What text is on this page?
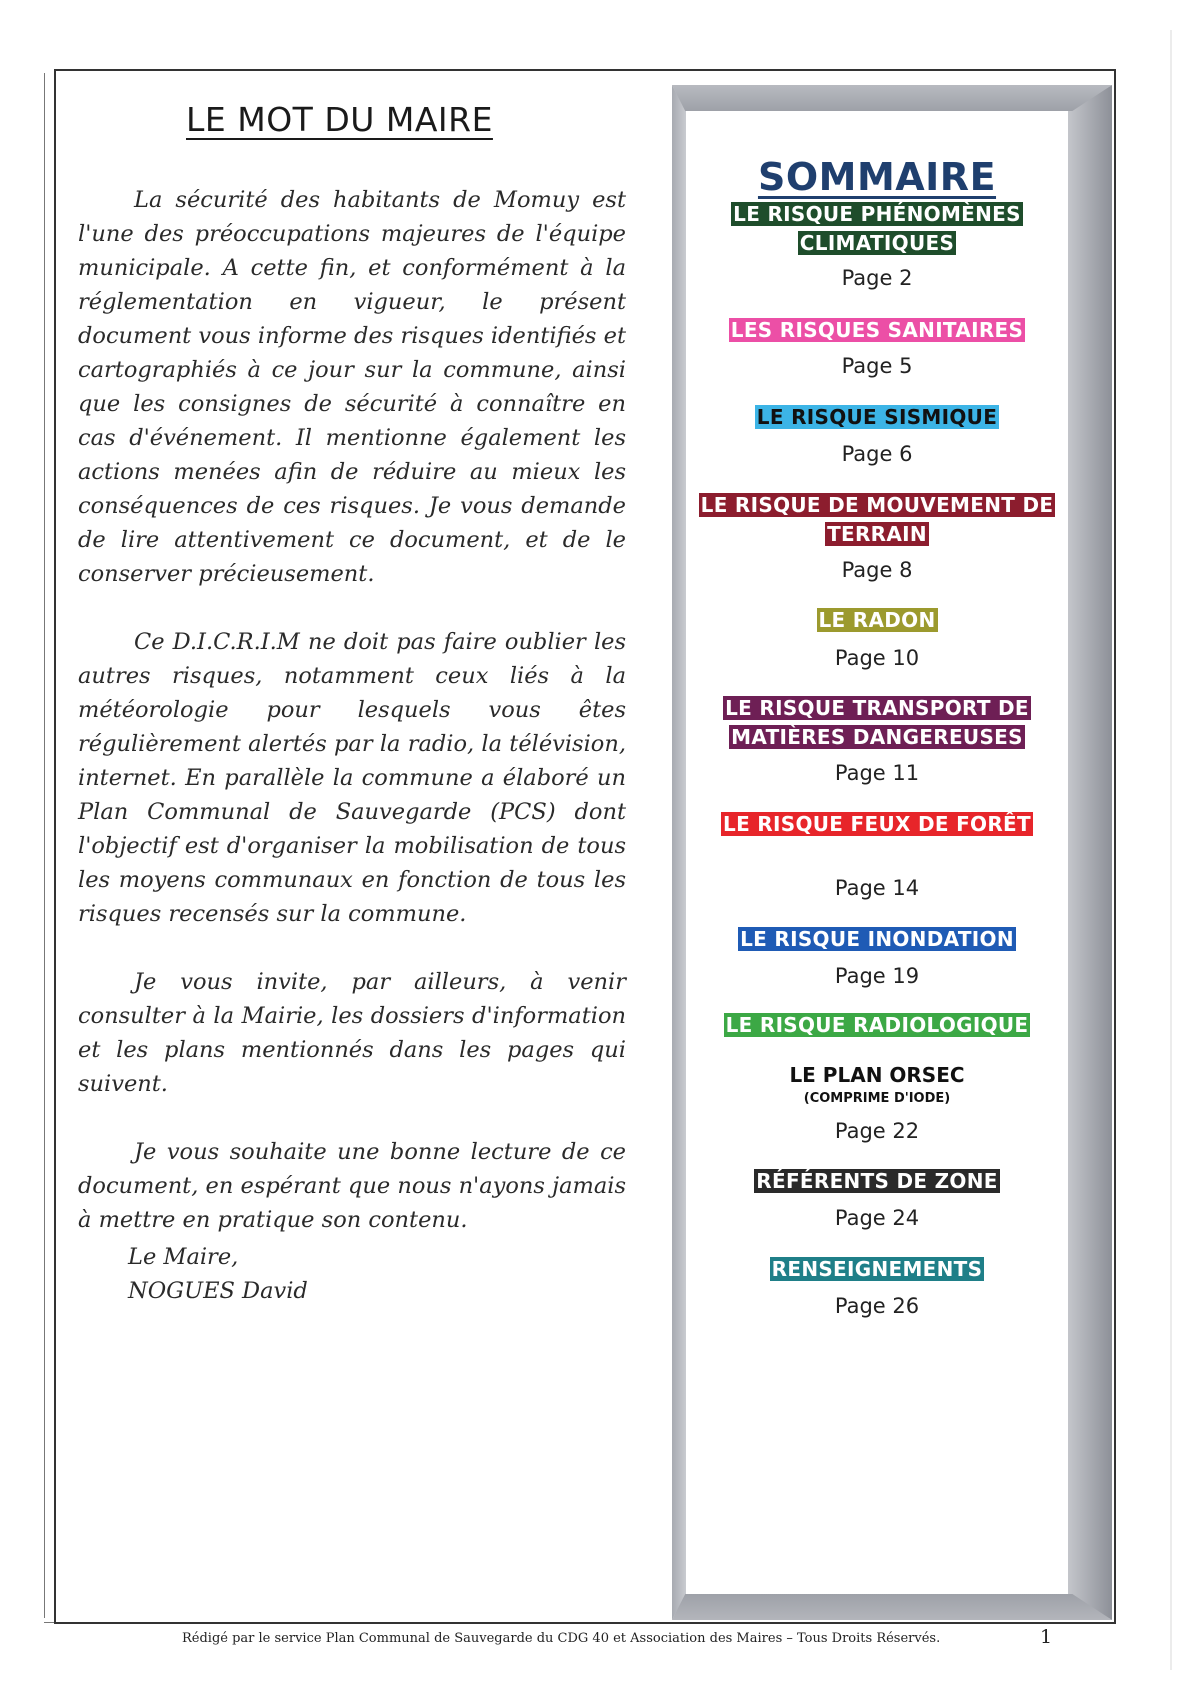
LE MOT DU MAIRE

La sécurité des habitants de Momuy est l'une des préoccupations majeures de l'équipe municipale. A cette fin, et conformément à la réglementation en vigueur, le présent document vous informe des risques identifiés et cartographiés à ce jour sur la commune, ainsi que les consignes de sécurité à connaître en cas d'événement. Il mentionne également les actions menées afin de réduire au mieux les conséquences de ces risques. Je vous demande de lire attentivement ce document, et de le conserver précieusement.

Ce D.I.C.R.I.M ne doit pas faire oublier les autres risques, notamment ceux liés à la météorologie pour lesquels vous êtes régulièrement alertés par la radio, la télévision, internet. En parallèle la commune a élaboré un Plan Communal de Sauvegarde (PCS) dont l'objectif est d'organiser la mobilisation de tous les moyens communaux en fonction de tous les risques recensés sur la commune.

Je vous invite, par ailleurs, à venir consulter à la Mairie, les dossiers d'information et les plans mentionnés dans les pages qui suivent.

Je vous souhaite une bonne lecture de ce document, en espérant que nous n'ayons jamais à mettre en pratique son contenu.

Le Maire,
NOGUES David
SOMMAIRE
LE RISQUE PHÉNOMÈNES CLIMATIQUES
Page 2
LES RISQUES SANITAIRES
Page 5
LE RISQUE SISMIQUE
Page 6
LE RISQUE DE MOUVEMENT DE TERRAIN
Page 8
LE RADON
Page 10
LE RISQUE TRANSPORT DE MATIÈRES DANGEREUSES
Page 11
LE RISQUE FEUX DE FORÊT
Page 14
LE RISQUE INONDATION
Page 19
LE RISQUE RADIOLOGIQUE
LE PLAN ORSEC
(COMPRIME D'IODE)
Page 22
RÉFÉRENTS DE ZONE
Page 24
RENSEIGNEMENTS
Page 26
Rédigé par le service Plan Communal de Sauvegarde du CDG 40 et Association des Maires – Tous Droits Réservés.	1
